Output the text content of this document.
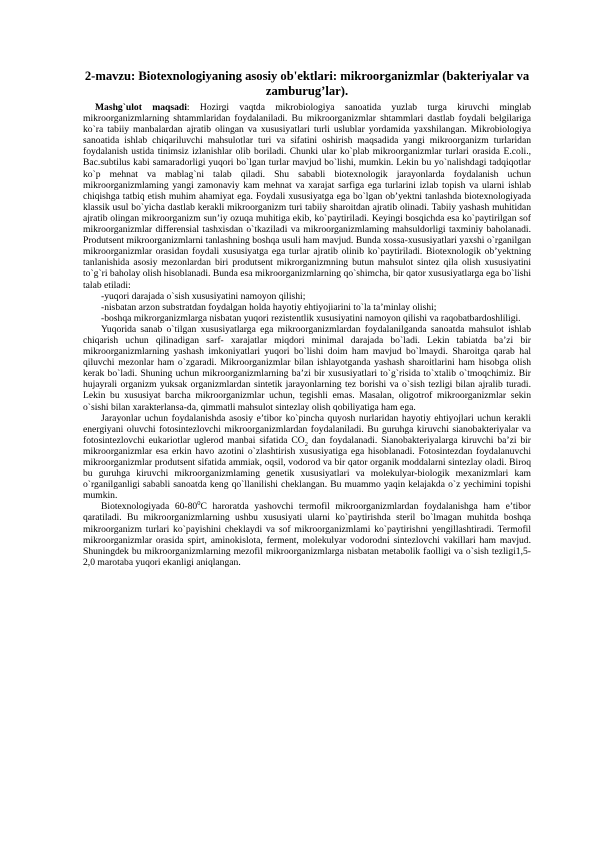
2-mavzu: Biotexnologiyaning asosiy ob'ektlari: mikroorganizmlar (bakteriyalar va zamburug’lar).

Mashg`ulot maqsadi: Hozirgi vaqtda mikrobiologiya sanoatida yuzlab turga kiruvchi minglab mikroorganizmlarning shtammlaridan foydalaniladi. Bu mikroorganizmlar shtammlari dastlab foydali belgilariga ko`ra tabiiy manbalardan ajratib olingan va xususiyatlari turli uslublar yordamida yaxshilangan. Mikrobiologiya sanoatida ishlab chiqariluvchi mahsulotlar turi va sifatini oshirish maqsadida yangi mikroorganizm turlaridan foydalanish ustida tinimsiz izlanishlar olib boriladi. Chunki ular ko`plab mikroorganizmlar turlari orasida E.coli., Bac.subtilus kabi samaradorligi yuqori bo`lgan turlar mavjud bo`lishi, mumkin. Lekin bu yo`nalishdagi tadqiqotlar ko`p mehnat va mablag`ni talab qiladi. Shu sababli biotexnologik jarayonlarda foydalanish uchun mikroorganizmlaming yangi zamonaviy kam mehnat va xarajat sarfiga ega turlarini izlab topish va ularni ishlab chiqishga tatbiq etish muhim ahamiyat ega. Foydali xususiyatga ega bo`lgan ob’yektni tanlashda biotexnologiyada klassik usul bo`yicha dastlab kerakli mikroorganizm turi tabiiy sharoitdan ajratib olinadi. Tabiiy yashash muhitidan ajratib olingan mikroorganizm sun’iy ozuqa muhitiga ekib, ko`paytiriladi. Keyingi bosqichda esa ko`paytirilgan sof mikroorganizmlar differensial tashxisdan o`tkaziladi va mikroorganizmlaming mahsuldorligi taxminiy baholanadi. Produtsent mikroorganizmlarni tanlashning boshqa usuli ham mavjud. Bunda xossa-xususiyatlari yaxshi o`rganilgan mikroorganizmlar orasidan foydali xususiyatga ega turlar ajratib olinib ko`paytiriladi. Biotexnologik ob’yektning tanlanishida asosiy mezonlardan biri produtsent mikrorganizmning butun mahsulot sintez qila olish xususiyatini to`g`ri baholay olish hisoblanadi. Bunda esa mikroorganizmlarning qo`shimcha, bir qator xususiyatlarga ega bo`lishi talab etiladi:

-yuqori darajada o`sish xususiyatini namoyon qilishi;
-nisbatan arzon substratdan foydalgan holda hayotiy ehtiyojiarini to`la ta’minlay olishi;
-boshqa mikrorganizmlarga nisbatan yuqori rezistentlik xususiyatini namoyon qilishi va raqobatbardoshliligi.

Yuqorida sanab o`tilgan xususiyatlarga ega mikroorganizmlardan foydalanilganda sanoatda mahsulot ishlab chiqarish uchun qilinadigan sarf- xarajatlar miqdori minimal darajada bo`ladi. Lekin tabiatda ba’zi bir mikroorganizmlarning yashash imkoniyatlari yuqori bo`lishi doim ham mavjud bo`lmaydi. Sharoitga qarab hal qiluvchi mezonlar ham o`zgaradi. Mikroorganizmlar bilan ishlayotganda yashash sharoitlarini ham hisobga olish kerak bo`ladi. Shuning uchun mikroorganizmlarning ba’zi bir xususiyatlari to`g`risida to`xtalib o`tmoqchimiz. Bir hujayrali organizm yuksak organizmlardan sintetik jarayonlarning tez borishi va o`sish tezligi bilan ajralib turadi. Lekin bu xususiyat barcha mikroorganizmlar uchun, tegishli emas. Masalan, oligotrof mikroorganizmlar sekin o`sishi bilan xarakterlansa-da, qimmatli mahsulot sintezlay olish qobiliyatiga ham ega.

Jarayonlar uchun foydalanishda asosiy e’tibor ko`pincha quyosh nurlaridan hayotiy ehtiyojlari uchun kerakli energiyani oluvchi fotosintezlovchi mikroorganizmlardan foydalaniladi. Bu guruhga kiruvchi sianobakteriyalar va fotosintezlovchi eukariotlar uglerod manbai sifatida $CO_2$ dan foydalanadi. Sianobakteriyalarga kiruvchi ba’zi bir mikroorganizmlar esa erkin havo azotini o`zlashtirish xususiyatiga ega hisoblanadi. Fotosintezdan foydalanuvchi mikroorganizmlar produtsent sifatida ammiak, oqsil, vodorod va bir qator organik moddalarni sintezlay oladi. Biroq bu guruhga kiruvchi mikroorganizmlaming genetik xususiyatlari va molekulyar-biologik mexanizmlari kam o`rganilganligi sababli sanoatda keng qo`llanilishi cheklangan. Bu muammo yaqin kelajakda o`z yechimini topishi mumkin.

Biotexnologiyada $60-80^0C$ haroratda yashovchi termofil mikroorganizmlardan foydalanishga ham e’tibor qaratiladi. Bu mikroorganizmlarning ushbu xususiyati ularni ko`paytirishda steril bo`lmagan muhitda boshqa mikroorganizm turlari ko`payishini cheklaydi va sof mikroorganizmlami ko`paytirishni yengillashtiradi. Termofil mikroorganizmlar orasida spirt, aminokislota, ferment, molekulyar vodorodni sintezlovchi vakillari ham mavjud. Shuningdek bu mikroorganizmlarning mezofil mikroorganizmlarga nisbatan metabolik faolligi va o`sish tezligi1,5-2,0 marotaba yuqori ekanligi aniqlangan.
